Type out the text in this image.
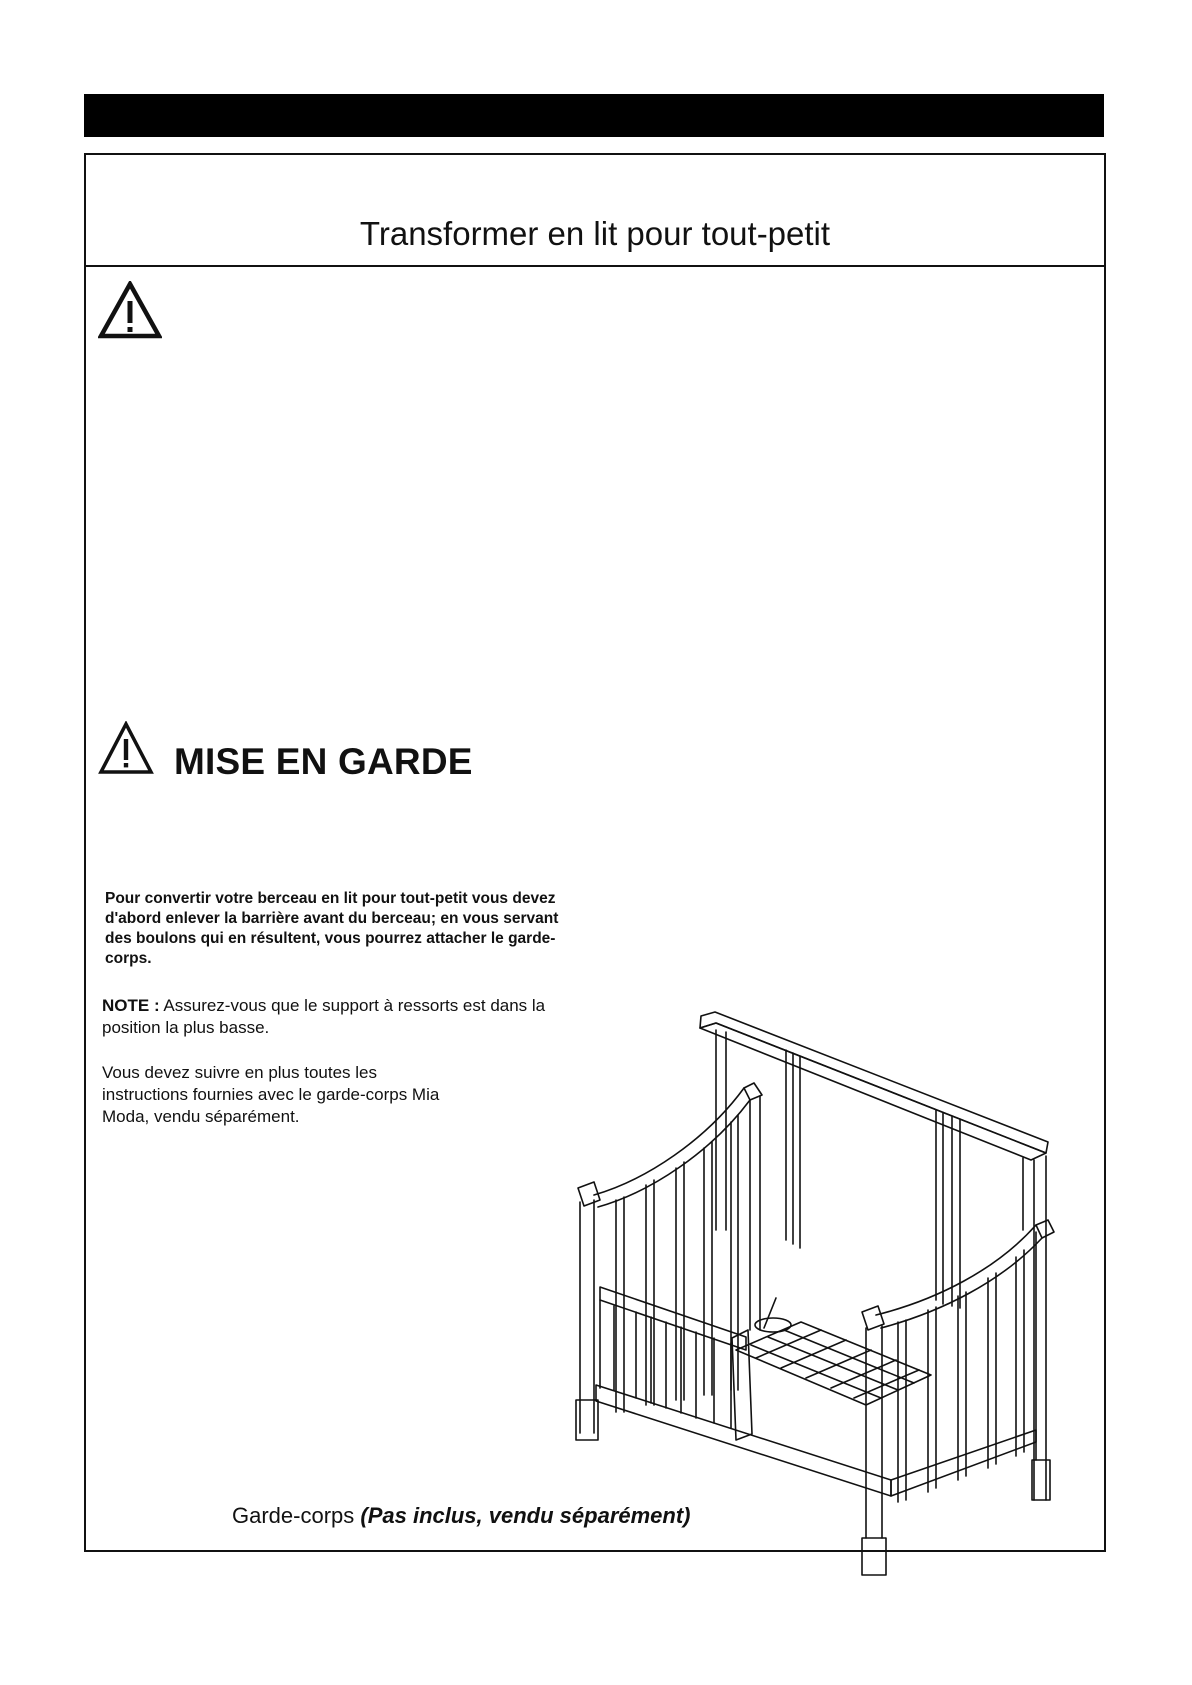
Transformer en lit pour tout-petit
MISE EN GARDE
Pour convertir votre berceau en lit pour tout-petit vous devez d'abord enlever la barrière avant du berceau; en vous servant des boulons qui en résultent, vous pourrez attacher le garde-corps.
NOTE : Assurez-vous que le support à ressorts est dans la position la plus basse.
Vous devez suivre en plus toutes les instructions fournies avec le garde-corps Mia Moda, vendu séparément.
Garde-corps (Pas inclus, vendu séparément)
